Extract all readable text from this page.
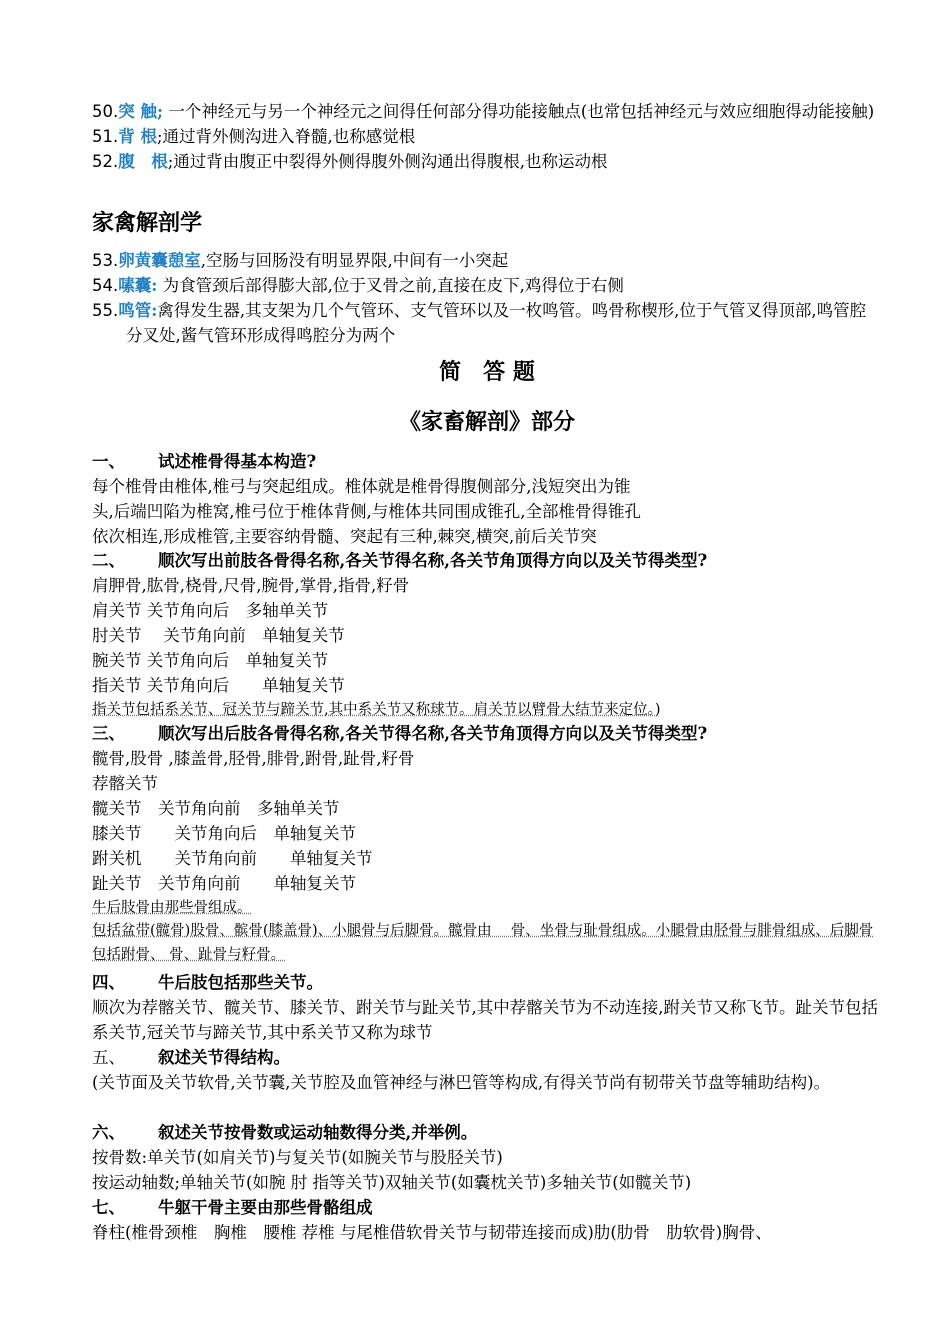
50.突 触; 一个神经元与另一个神经元之间得任何部分得功能接触点(也常包括神经元与效应细胞得动能接触)
51.背 根;通过背外侧沟进入脊髓,也称感觉根
52.腹　根;通过背由腹正中裂得外侧得腹外侧沟通出得腹根,也称运动根
家禽解剖学
53.卵黄囊憩室,空肠与回肠没有明显界限,中间有一小突起
54.嗉囊: 为食管颈后部得膨大部,位于叉骨之前,直接在皮下,鸡得位于右侧
55.鸣管:禽得发生器,其支架为几个气管环、支气管环以及一枚鸣管。鸣骨称楔形,位于气管叉得顶部,鸣管腔分叉处,酱气管环形成得鸣腔分为两个
简　答 题
《家畜解剖》部分
一、 试述椎骨得基本构造?
每个椎骨由椎体,椎弓与突起组成。椎体就是椎骨得腹侧部分,浅短突出为锥
头,后端凹陷为椎窝,椎弓位于椎体背侧,与椎体共同围成锥孔,全部椎骨得锥孔
依次相连,形成椎管,主要容纳骨髓、突起有三种,棘突,横突,前后关节突
二、 顺次写出前肢各骨得名称,各关节得名称,各关节角顶得方向以及关节得类型?
肩胛骨,肱骨,桡骨,尺骨,腕骨,掌骨,指骨,籽骨
肩关节 关节角向后　多轴单关节
肘关节　 关节角向前　单轴复关节
腕关节 关节角向后　单轴复关节
指关节 关节角向后　　单轴复关节
指关节包括系关节、冠关节与蹄关节,其中系关节又称球节。肩关节以臂骨大结节来定位。)
三、 顺次写出后肢各骨得名称,各关节得名称,各关节角顶得方向以及关节得类型?
髋骨,股骨 ,膝盖骨,胫骨,腓骨,跗骨,趾骨,籽骨
荐髂关节
髋关节　关节角向前　多轴单关节
膝关节　　关节角向后　单轴复关节
跗关机　　关节角向前　　单轴复关节
趾关节　关节角向前　　单轴复关节
牛后肢骨由那些骨组成。
包括盆带(髋骨)股骨、髌骨(膝盖骨)、小腿骨与后脚骨。髋骨由　 骨、坐骨与耻骨组成。小腿骨由胫骨与腓骨组成、后脚骨包括跗骨、 骨、趾骨与籽骨。
四、 牛后肢包括那些关节。
顺次为荐髂关节、髋关节、膝关节、跗关节与趾关节,其中荐髂关节为不动连接,跗关节又称飞节。趾关节包括系关节,冠关节与蹄关节,其中系关节又称为球节
五、 叙述关节得结构。
(关节面及关节软骨,关节囊,关节腔及血管神经与淋巴管等构成,有得关节尚有韧带关节盘等辅助结构)。
六、 叙述关节按骨数或运动轴数得分类,并举例。
按骨数:单关节(如肩关节)与复关节(如腕关节与股胫关节)
按运动轴数;单轴关节(如腕 肘 指等关节)双轴关节(如囊枕关节)多轴关节(如髋关节)
七、 牛躯干骨主要由那些骨骼组成
脊柱(椎骨颈椎　胸椎　腰椎 荐椎 与尾椎借软骨关节与韧带连接而成)肋(肋骨　肋软骨)胸骨、
